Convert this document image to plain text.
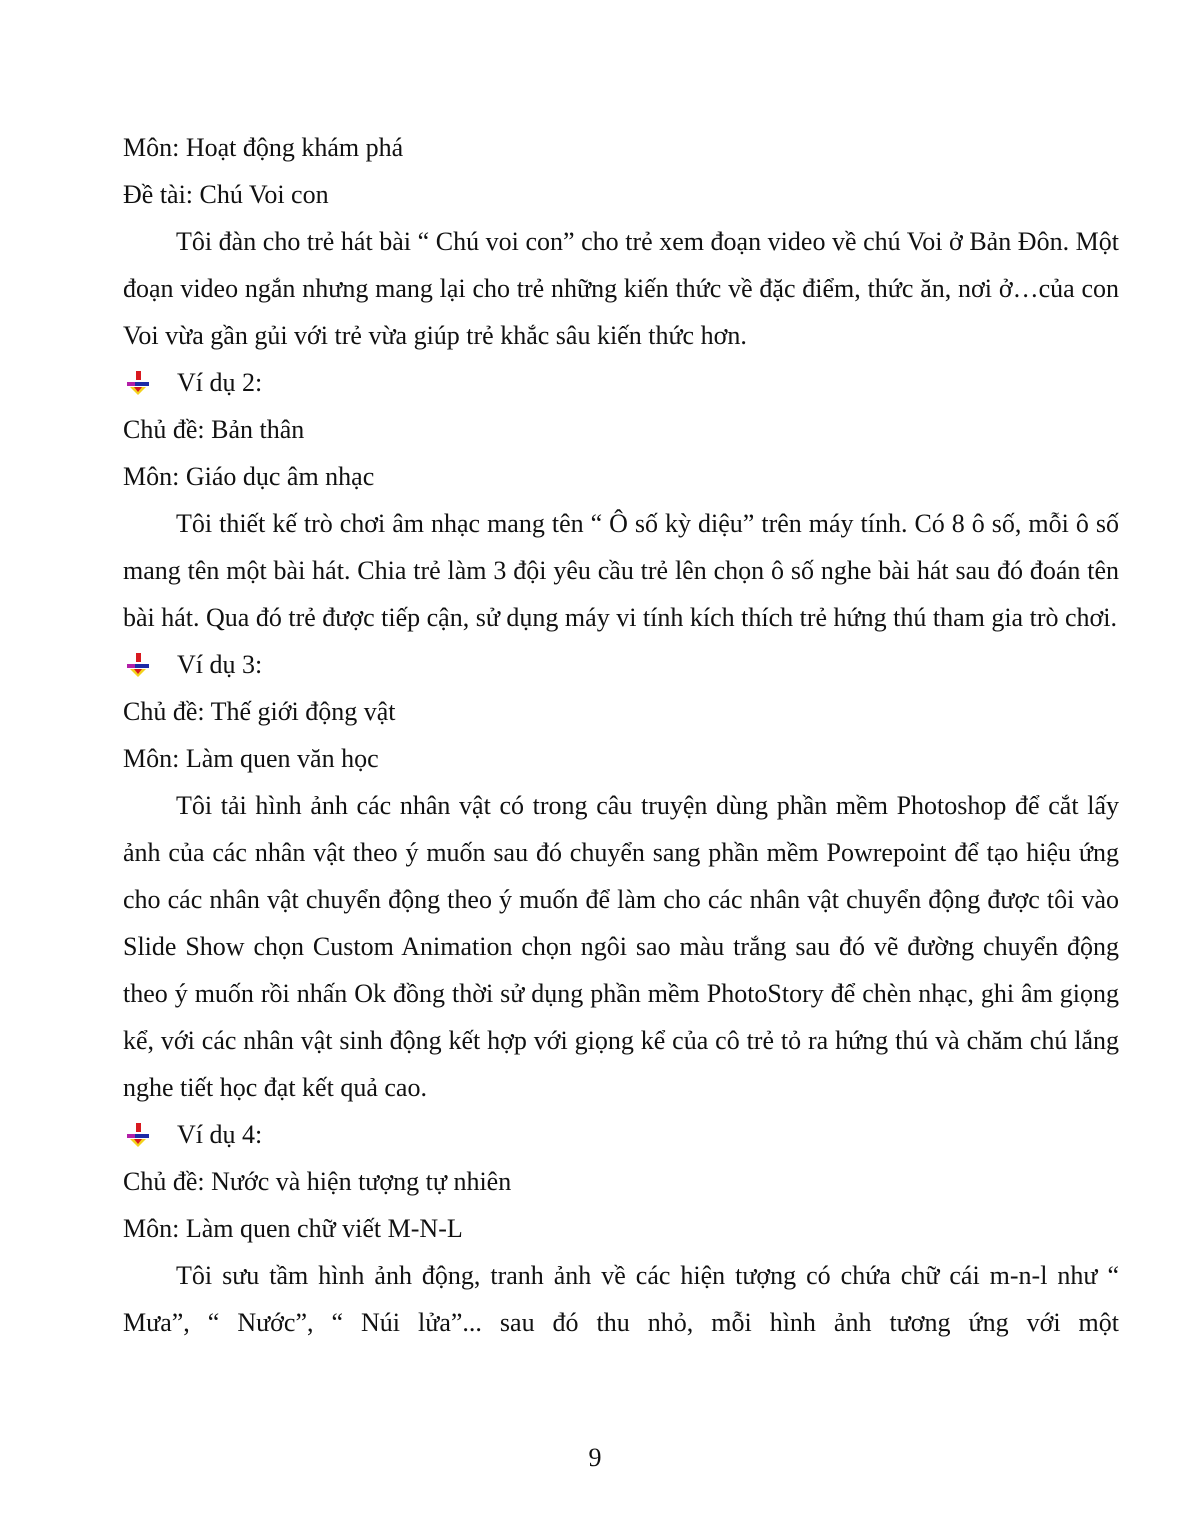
Môn: Hoạt động khám phá
Đề tài: Chú Voi con

Tôi đàn cho trẻ hát bài “ Chú voi con” cho trẻ xem đoạn video về chú Voi ở Bản Đôn. Một đoạn video ngắn nhưng mang lại cho trẻ những kiến thức về đặc điểm, thức ăn, nơi ở…của con Voi vừa gần gủi với trẻ vừa giúp trẻ khắc sâu kiến thức hơn.

Ví dụ 2:
Chủ đề: Bản thân
Môn: Giáo dục âm nhạc

Tôi thiết kế trò chơi âm nhạc mang tên “ Ô số kỳ diệu” trên máy tính. Có 8 ô số, mỗi ô số mang tên một bài hát. Chia trẻ làm 3 đội yêu cầu trẻ lên chọn ô số nghe bài hát sau đó đoán tên bài hát. Qua đó trẻ được tiếp cận, sử dụng máy vi tính kích thích trẻ hứng thú tham gia trò chơi.

Ví dụ 3:
Chủ đề: Thế giới động vật
Môn: Làm quen văn học

Tôi tải hình ảnh các nhân vật có trong câu truyện dùng phần mềm Photoshop để cắt lấy ảnh của các nhân vật theo ý muốn sau đó chuyển sang phần mềm Powrepoint để tạo hiệu ứng cho các nhân vật chuyển động theo ý muốn để làm cho các nhân vật chuyển động được tôi vào Slide Show chọn Custom Animation chọn ngôi sao màu trắng sau đó vẽ đường chuyển động theo ý muốn rồi nhấn Ok đồng thời sử dụng phần mềm PhotoStory để chèn nhạc, ghi âm giọng kể, với các nhân vật sinh động kết hợp với giọng kể của cô trẻ tỏ ra hứng thú và chăm chú lắng nghe tiết học đạt kết quả cao.

Ví dụ 4:
Chủ đề: Nước và hiện tượng tự nhiên
Môn: Làm quen chữ viết M-N-L

Tôi sưu tầm hình ảnh động, tranh ảnh về các hiện tượng có chứa chữ cái m-n-l như “ Mưa”, “ Nước”, “ Núi lửa”... sau đó thu nhỏ, mỗi hình ảnh tương ứng với một

9
